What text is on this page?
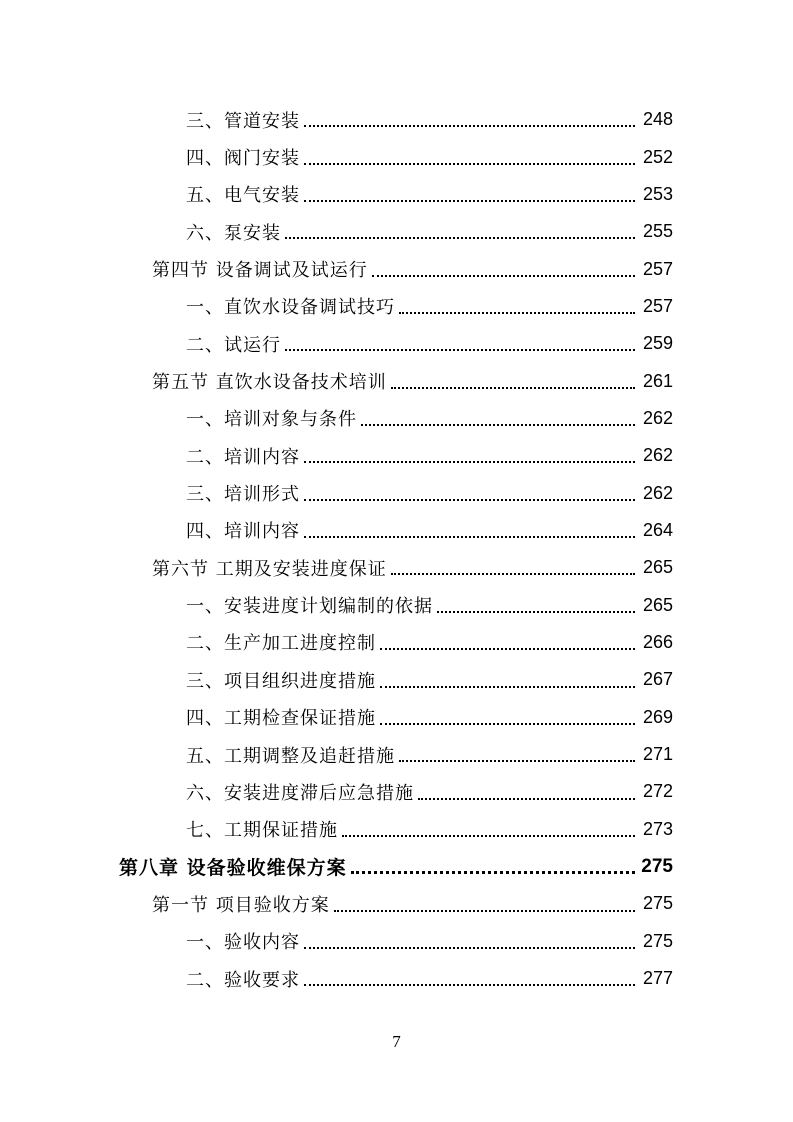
三、管道安装	248
四、阀门安装	252
五、电气安装	253
六、泵安装	255
第四节 设备调试及试运行	257
一、直饮水设备调试技巧	257
二、试运行	259
第五节 直饮水设备技术培训	261
一、培训对象与条件	262
二、培训内容	262
三、培训形式	262
四、培训内容	264
第六节 工期及安装进度保证	265
一、安装进度计划编制的依据	265
二、生产加工进度控制	266
三、项目组织进度措施	267
四、工期检查保证措施	269
五、工期调整及追赶措施	271
六、安装进度滞后应急措施	272
七、工期保证措施	273
第八章 设备验收维保方案	275
第一节 项目验收方案	275
一、验收内容	275
二、验收要求	277
7
